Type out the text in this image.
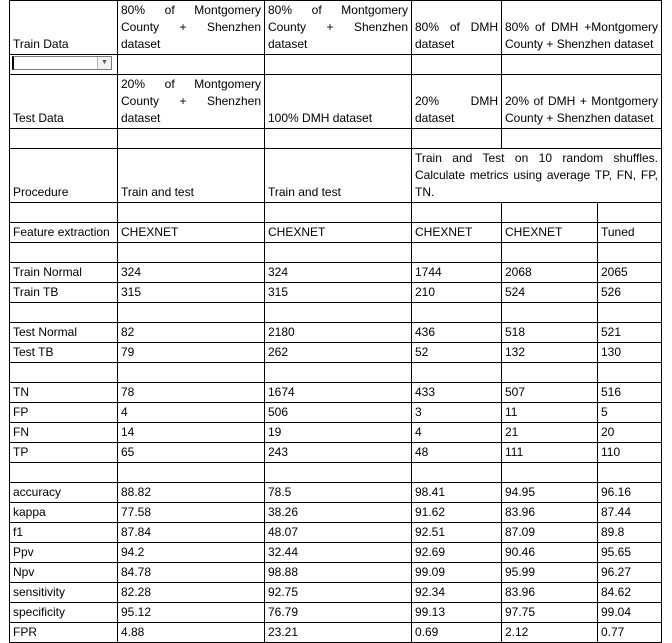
Train Data	80% of Montgomery County + Shenzhen dataset	80% of Montgomery County + Shenzhen dataset	80% of DMH dataset	80% of DMH +Montgomery County + Shenzhen dataset	

▼					

Test Data	20% of Montgomery County + Shenzhen dataset	100% DMH dataset	20% DMH dataset	20% of DMH + Montgomery County + Shenzhen dataset	

Procedure	Train and test	Train and test	Train and Test on 10 random shuffles. Calculate metrics using average TP, FN, FP, TN.		

Feature extraction	CHEXNET	CHEXNET	CHEXNET	CHEXNET	Tuned

Train Normal	324	324	1744	2068	2065
Train TB	315	315	210	524	526

Test Normal	82	2180	436	518	521
Test TB	79	262	52	132	130

TN	78	1674	433	507	516
FP	4	506	3	11	5
FN	14	19	4	21	20
TP	65	243	48	111	110

accuracy	88.82	78.5	98.41	94.95	96.16
kappa	77.58	38.26	91.62	83.96	87.44
f1	87.84	48.07	92.51	87.09	89.8
Ppv	94.2	32.44	92.69	90.46	95.65
Npv	84.78	98.88	99.09	95.99	96.27
sensitivity	82.28	92.75	92.34	83.96	84.62
specificity	95.12	76.79	99.13	97.75	99.04
FPR	4.88	23.21	0.69	2.12	0.77
